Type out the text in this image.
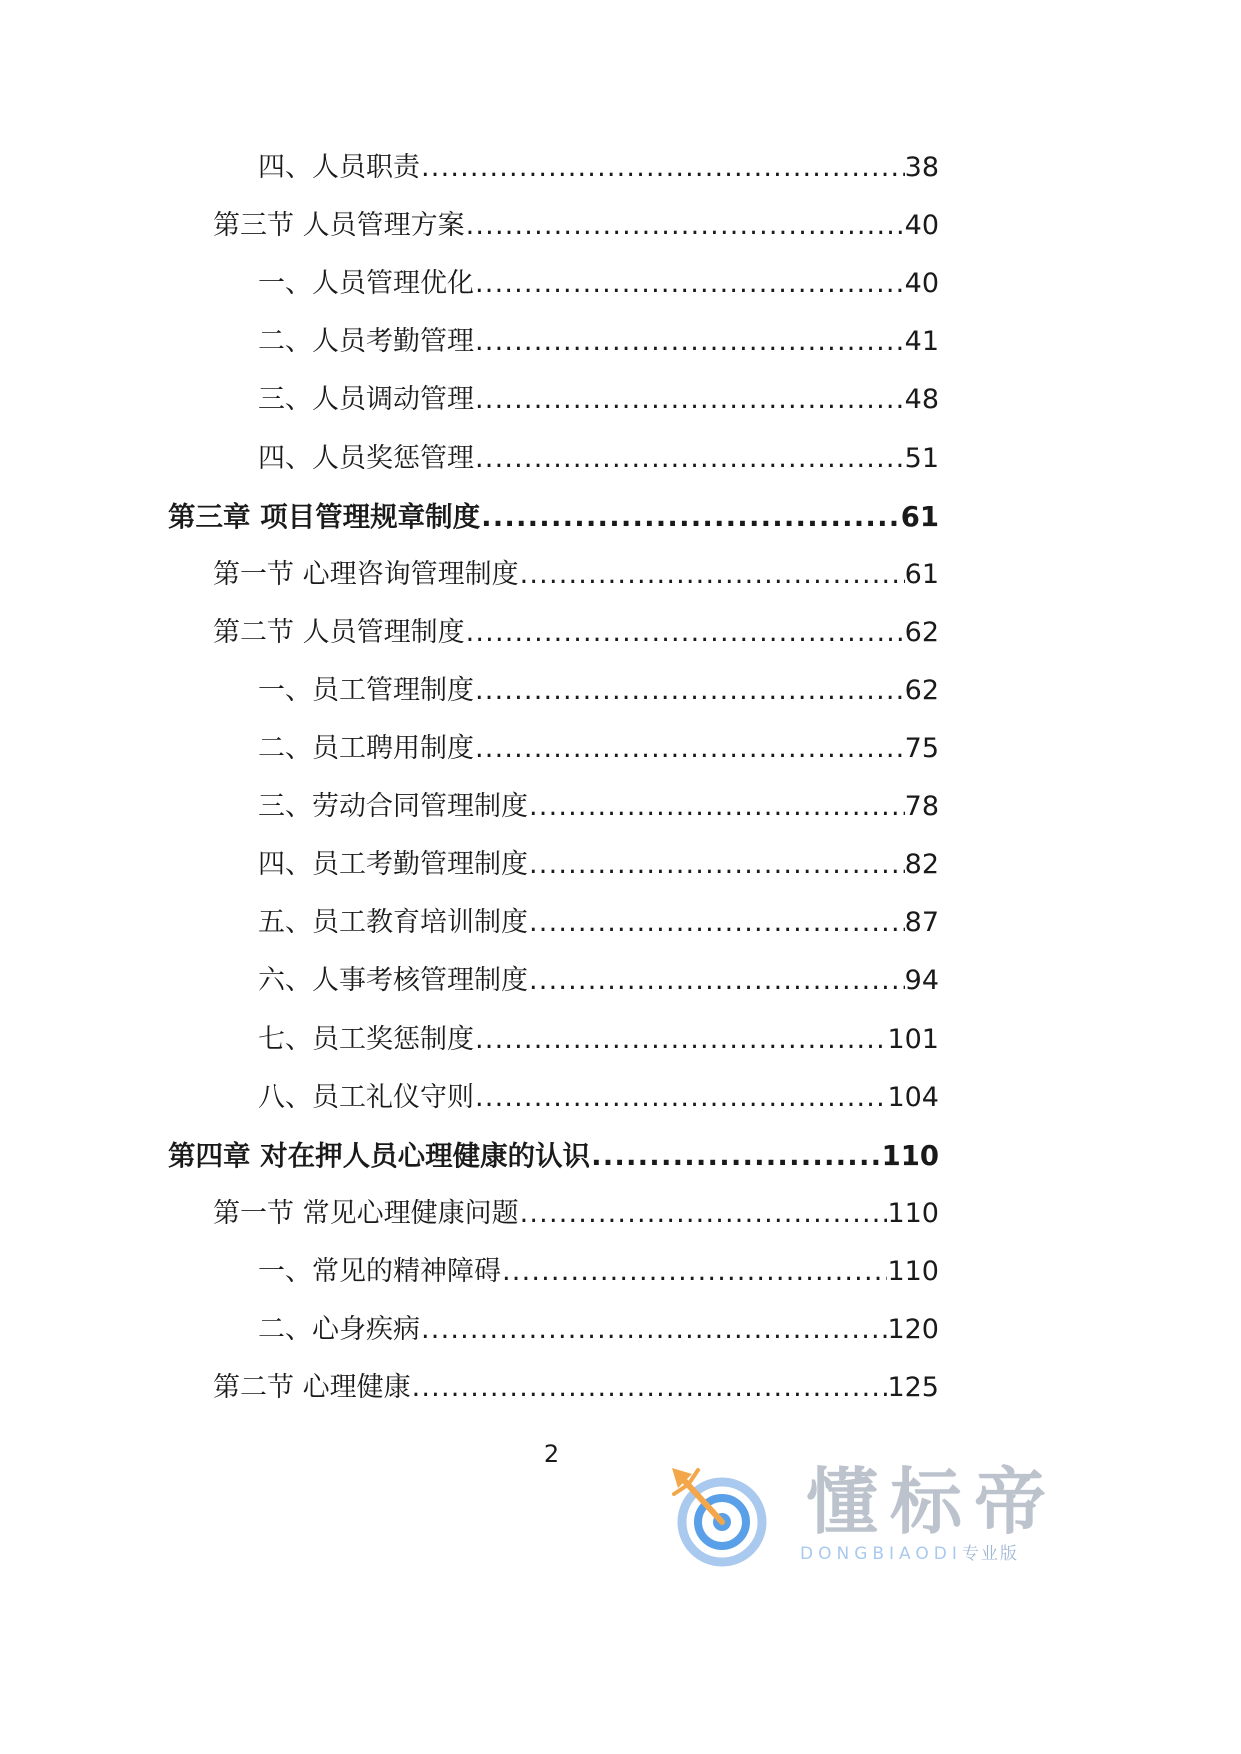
四、人员职责 .....	38
第三节 人员管理方案 .....	40
一、人员管理优化 .....	40
二、人员考勤管理 .....	41
三、人员调动管理 .....	48
四、人员奖惩管理 .....	51
第三章 项目管理规章制度 .....	61
第一节 心理咨询管理制度 .....	61
第二节 人员管理制度 .....	62
一、员工管理制度 .....	62
二、员工聘用制度 .....	75
三、劳动合同管理制度 .....	78
四、员工考勤管理制度 .....	82
五、员工教育培训制度 .....	87
六、人事考核管理制度 .....	94
七、员工奖惩制度 .....	101
八、员工礼仪守则 .....	104
第四章 对在押人员心理健康的认识 .....	110
第一节 常见心理健康问题 .....	110
一、常见的精神障碍 .....	110
二、心身疾病 .....	120
第二节 心理健康 .....	125
2
懂标帝
DONGBIAODI专业版
